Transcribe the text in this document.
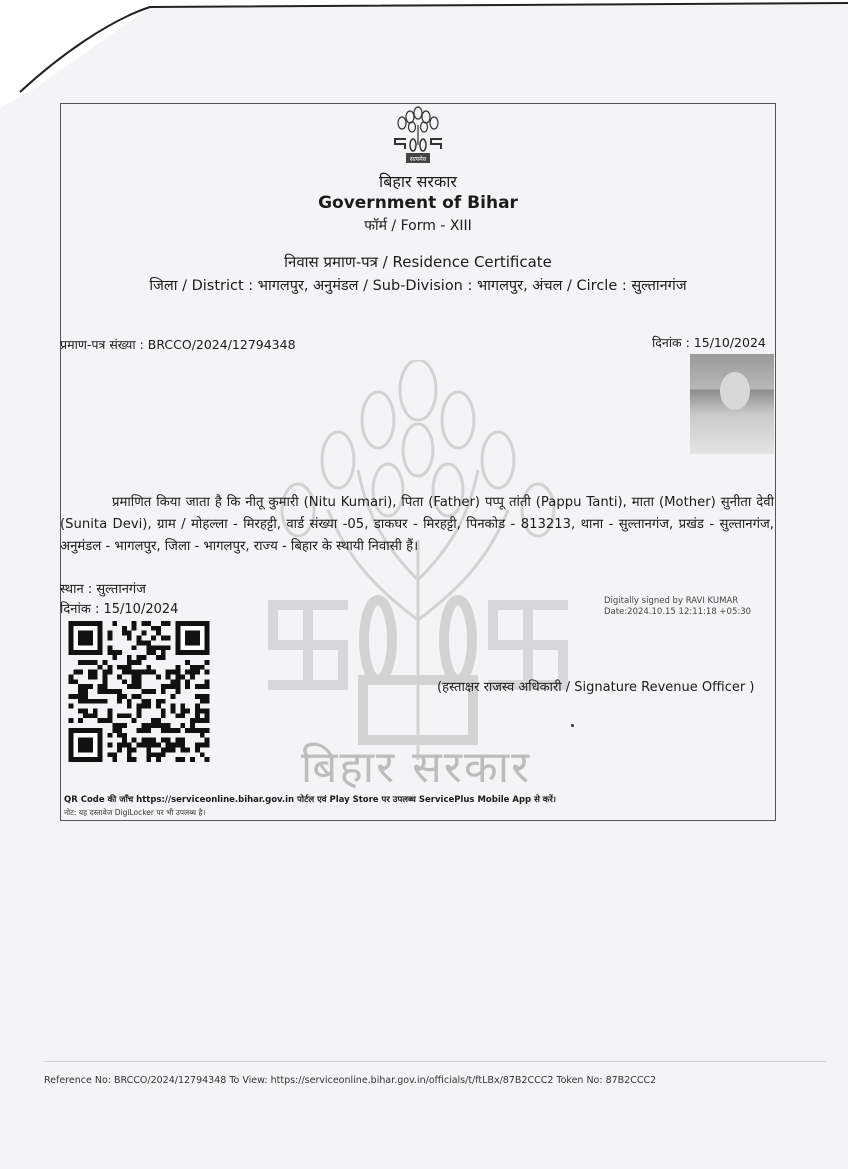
बिहार सरकार
सत्यमेव
बिहार सरकार
Government of Bihar
फॉर्म / Form - XIII
निवास प्रमाण-पत्र / Residence Certificate
जिला / District : भागलपुर, अनुमंडल / Sub-Division : भागलपुर, अंचल / Circle : सुल्तानगंज
प्रमाण-पत्र संख्या : BRCCO/2024/12794348	दिनांक : 15/10/2024
प्रमाणित किया जाता है कि नीतू कुमारी (Nitu Kumari), पिता (Father) पप्पू तांती (Pappu Tanti), माता (Mother) सुनीता देवी (Sunita Devi), ग्राम / मोहल्ला - मिरहट्टी, वार्ड संख्या -05, डाकघर - मिरहट्टी, पिनकोड - 813213, थाना - सुल्तानगंज, प्रखंड - सुल्तानगंज, अनुमंडल - भागलपुर, जिला - भागलपुर, राज्य - बिहार के स्थायी निवासी हैं।
स्थान : सुल्तानगंज
दिनांक : 15/10/2024
Digitally signed by RAVI KUMAR
Date:2024.10.15 12:11:18 +05:30
(हस्ताक्षर राजस्व अधिकारी / Signature Revenue Officer )
QR Code की जाँच https://serviceonline.bihar.gov.in पोर्टल एवं Play Store पर उपलब्ध ServicePlus Mobile App से करें।
नोट: यह दस्तावेज DigiLocker पर भी उपलब्ध है।
Reference No: BRCCO/2024/12794348 To View: https://serviceonline.bihar.gov.in/officials/t/ftLBx/87B2CCC2 Token No: 87B2CCC2
